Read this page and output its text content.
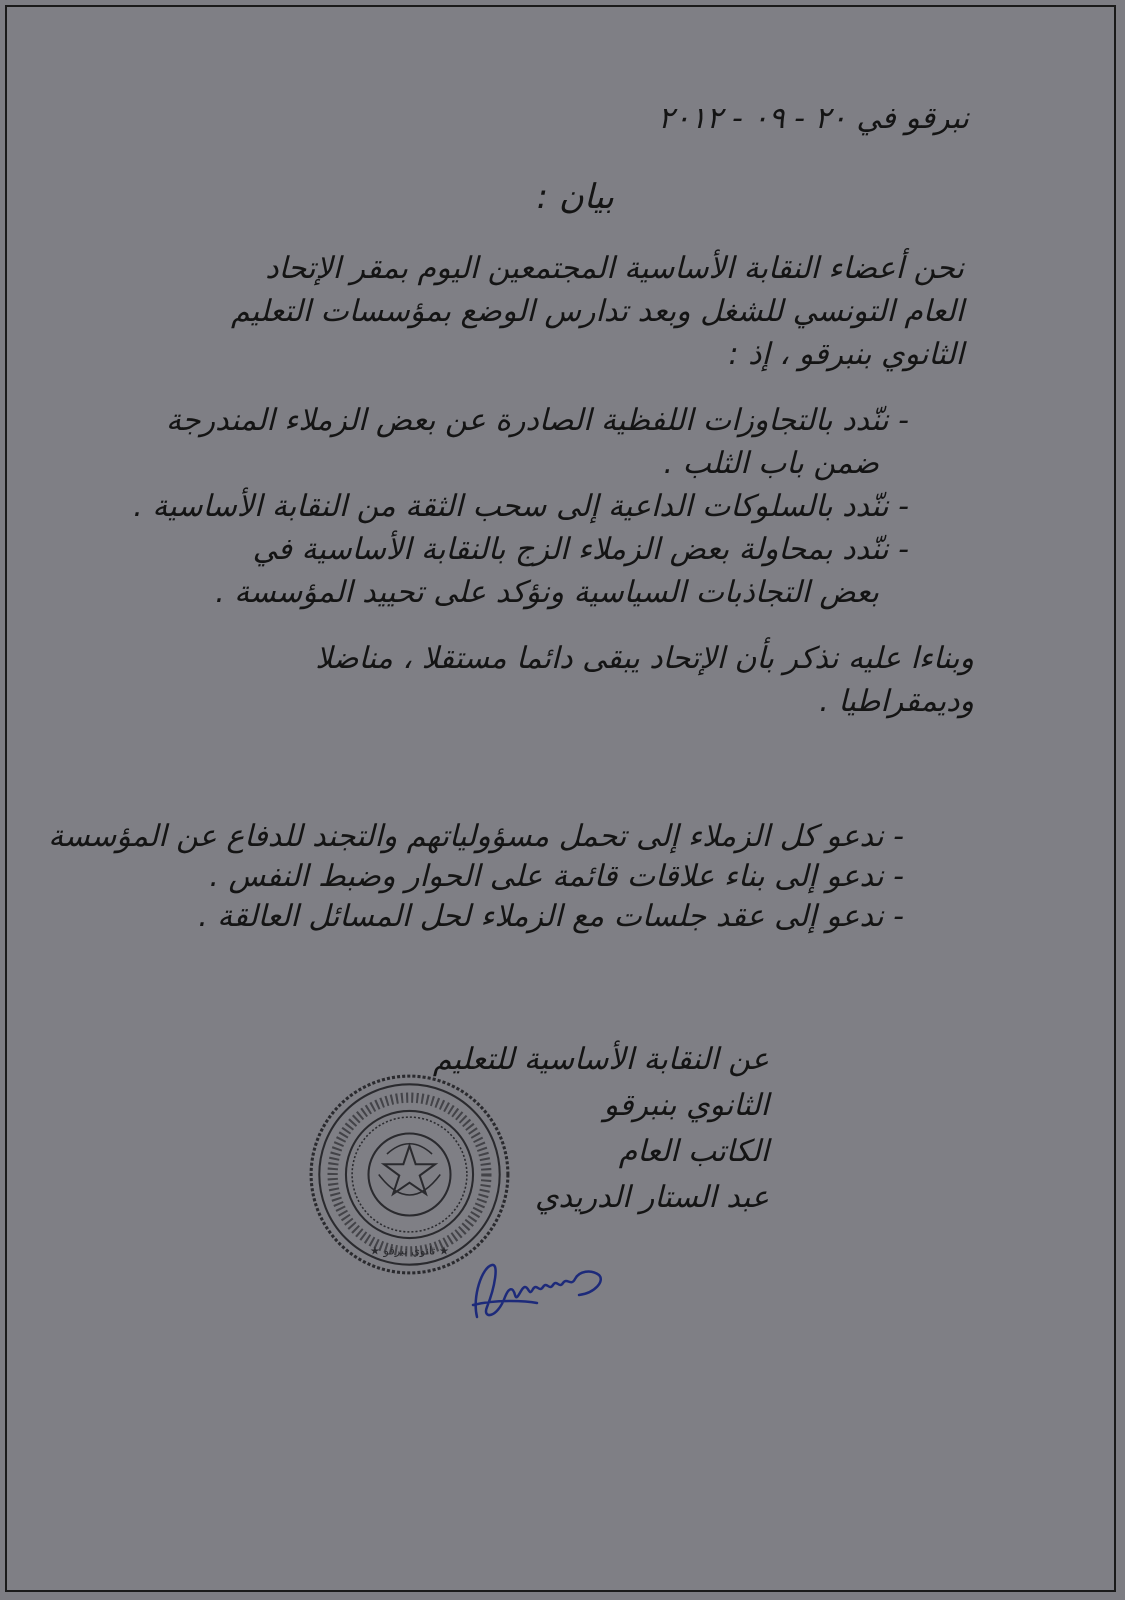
نبرقو في ٢٠ - ٠٩ - ٢٠١٢
بيان :
نحن أعضاء النقابة الأساسية المجتمعين اليوم بمقر الإتحاد
العام التونسي للشغل وبعد تدارس الوضع بمؤسسات التعليم
الثانوي بنبرقو ، إذ :
- ننّدد بالتجاوزات اللفظية الصادرة عن بعض الزملاء المندرجة
ضمن باب الثلب .
- ننّدد بالسلوكات الداعية إلى سحب الثقة من النقابة الأساسية .
- ننّدد بمحاولة بعض الزملاء الزج بالنقابة الأساسية في
بعض التجاذبات السياسية ونؤكد على تحييد المؤسسة .
وبناءا عليه نذكر بأن الإتحاد يبقى دائما مستقلا ، مناضلا
وديمقراطيا .
- ندعو كل الزملاء إلى تحمل مسؤولياتهم والتجند للدفاع عن المؤسسة
- ندعو إلى بناء علاقات قائمة على الحوار وضبط النفس .
- ندعو إلى عقد جلسات مع الزملاء لحل المسائل العالقة .
عن النقابة الأساسية للتعليم
الثانوي بنبرقو
الكاتب العام
عبد الستار الدريدي
★ ثانوي نبرقو ★
